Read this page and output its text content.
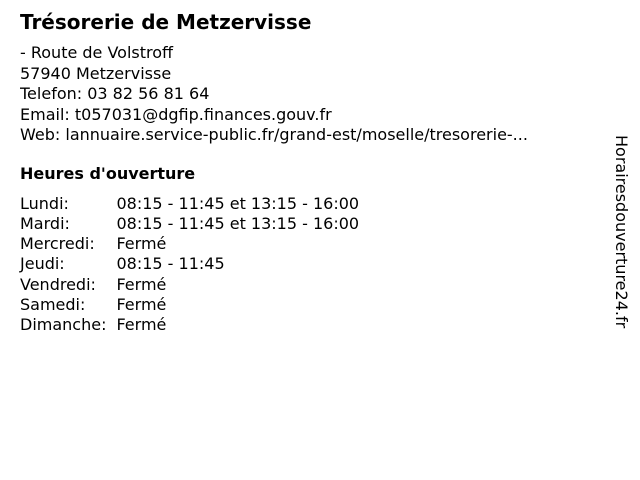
Trésorerie de Metzervisse
- Route de Volstroff
57940 Metzervisse
Telefon: 03 82 56 81 64
Email: t057031@dgfip.finances.gouv.fr
Web: lannuaire.service-public.fr/grand-est/moselle/tresorerie-...
Heures d'ouverture
Lundi:	08:15 - 11:45 et 13:15 - 16:00
Mardi:	08:15 - 11:45 et 13:15 - 16:00
Mercredi:	Fermé
Jeudi:	08:15 - 11:45
Vendredi:	Fermé
Samedi:	Fermé
Dimanche:	Fermé	Horairesdouverture24.fr
